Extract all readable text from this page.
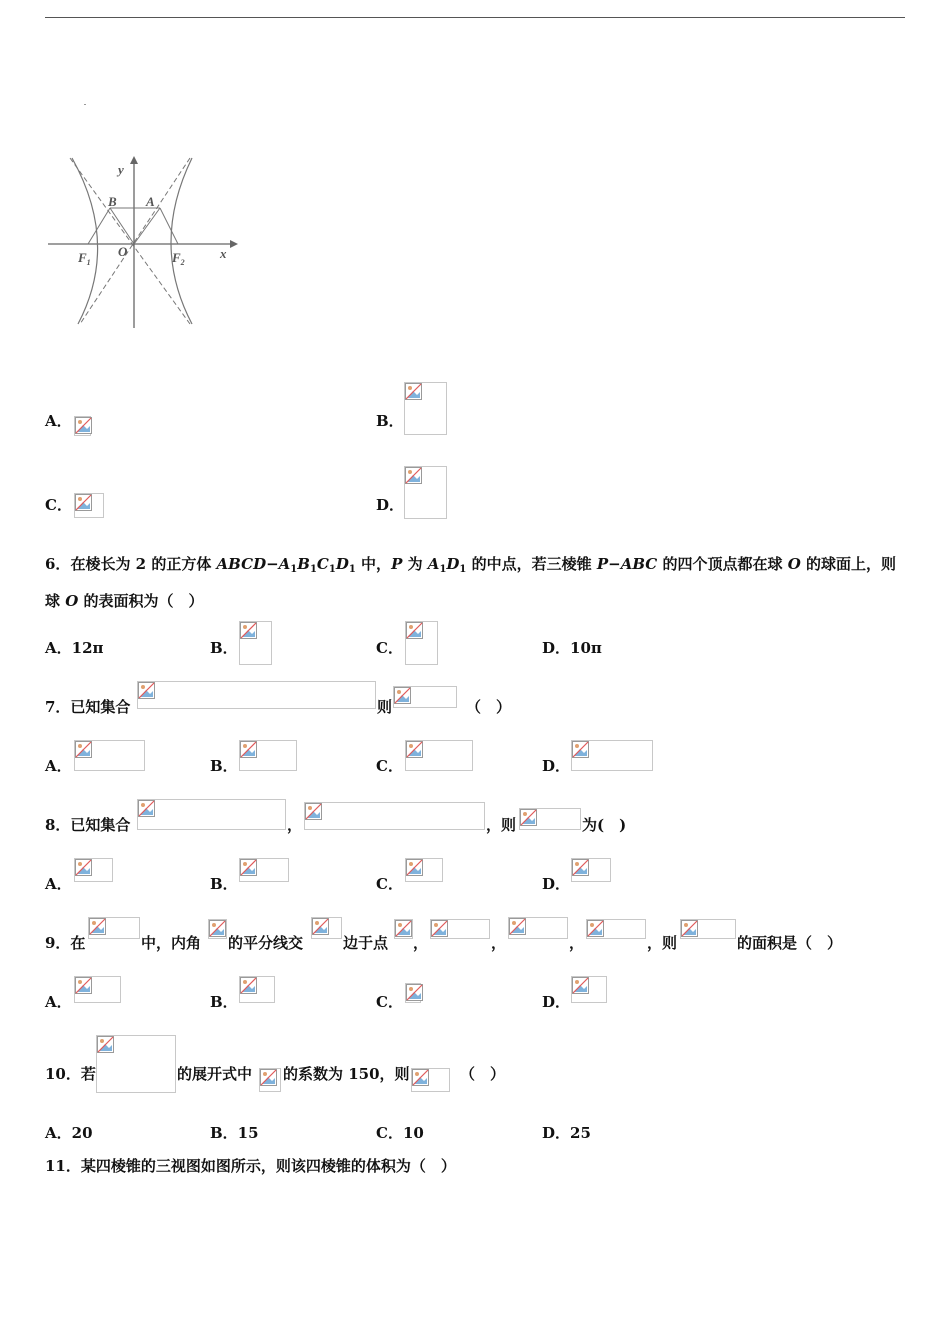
y
x
O
B A
$F_1$	$F_2$
A．	B．
C．	D．
6．在棱长为 2 的正方体 $ABCD-A_1B_1C_1D_1$ 中，P 为 $A_1D_1$ 的中点，若三棱锥 P−ABC 的四个顶点都在球 O 的球面上，则
球 O 的表面积为（　）
A．12π	B．	C．	D．10π
7．已知集合	则	（　）
A．	B．	C．	D．
8．已知集合	，	，则	为(　)
A．	B．	C．	D．
9．在	中，内角 的平分线交	边于点 ，	，	，	，则	的面积是（　）
A．	B．	C．	D．
10．若	的展开式中 的系数为 150，则	（　）
A．20	B．15	C．10	D．25
11．某四棱锥的三视图如图所示，则该四棱锥的体积为（　）
